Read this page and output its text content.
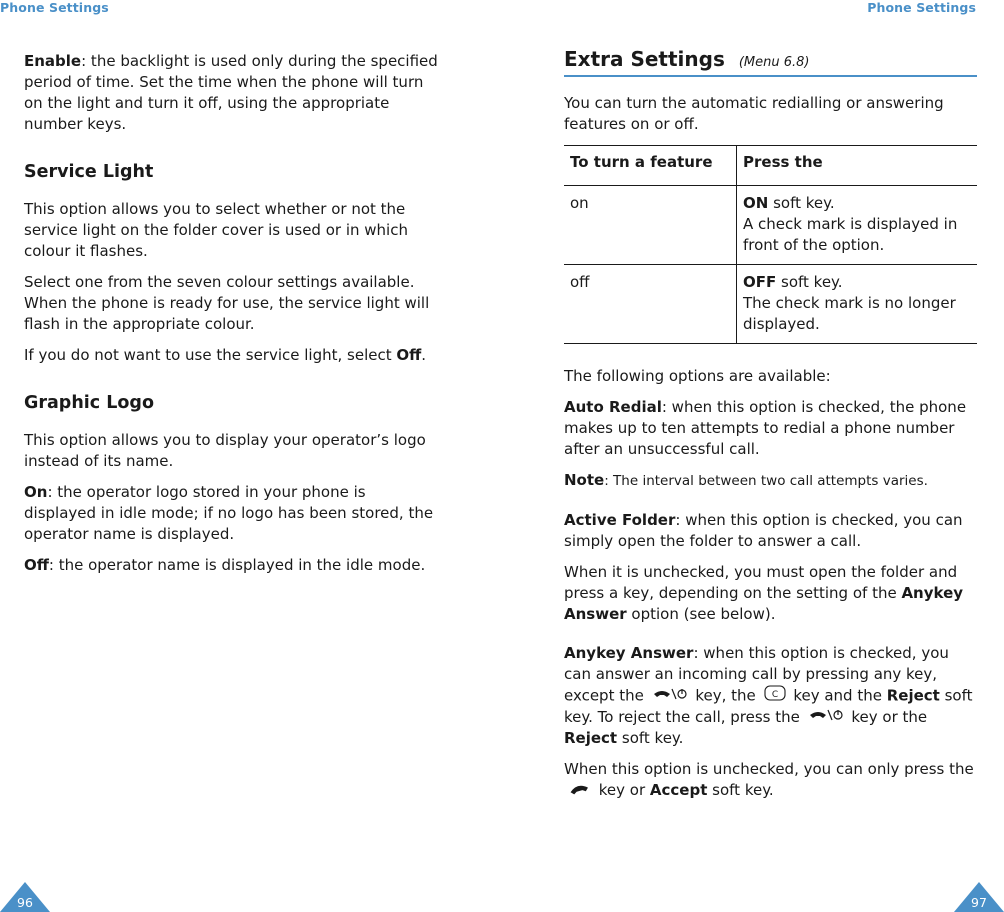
Phone Settings	Phone Settings

Enable: the backlight is used only during the specified period of time. Set the time when the phone will turn on the light and turn it off, using the appropriate number keys.

Service Light

This option allows you to select whether or not the service light on the folder cover is used or in which colour it flashes.

Select one from the seven colour settings available. When the phone is ready for use, the service light will flash in the appropriate colour.

If you do not want to use the service light, select Off.

Graphic Logo

This option allows you to display your operator’s logo instead of its name.

On: the operator logo stored in your phone is displayed in idle mode; if no logo has been stored, the operator name is displayed.

Off: the operator name is displayed in the idle mode.

Extra Settings (Menu 6.8)

You can turn the automatic redialling or answering features on or off.

To turn a feature	Press the
on	ON soft key.
A check mark is displayed in front of the option.
off	OFF soft key.
The check mark is no longer displayed.

The following options are available:

Auto Redial: when this option is checked, the phone makes up to ten attempts to redial a phone number after an unsuccessful call.

Note: The interval between two call attempts varies.

Active Folder: when this option is checked, you can simply open the folder to answer a call.

When it is unchecked, you must open the folder and press a key, depending on the setting of the Anykey Answer option (see below).

Anykey Answer: when this option is checked, you can answer an incoming call by pressing any key, except the	key, the C key and the Reject soft key. To reject the call, press the	key or the Reject soft key.

When this option is unchecked, you can only press the  key or Accept soft key.

96	97
